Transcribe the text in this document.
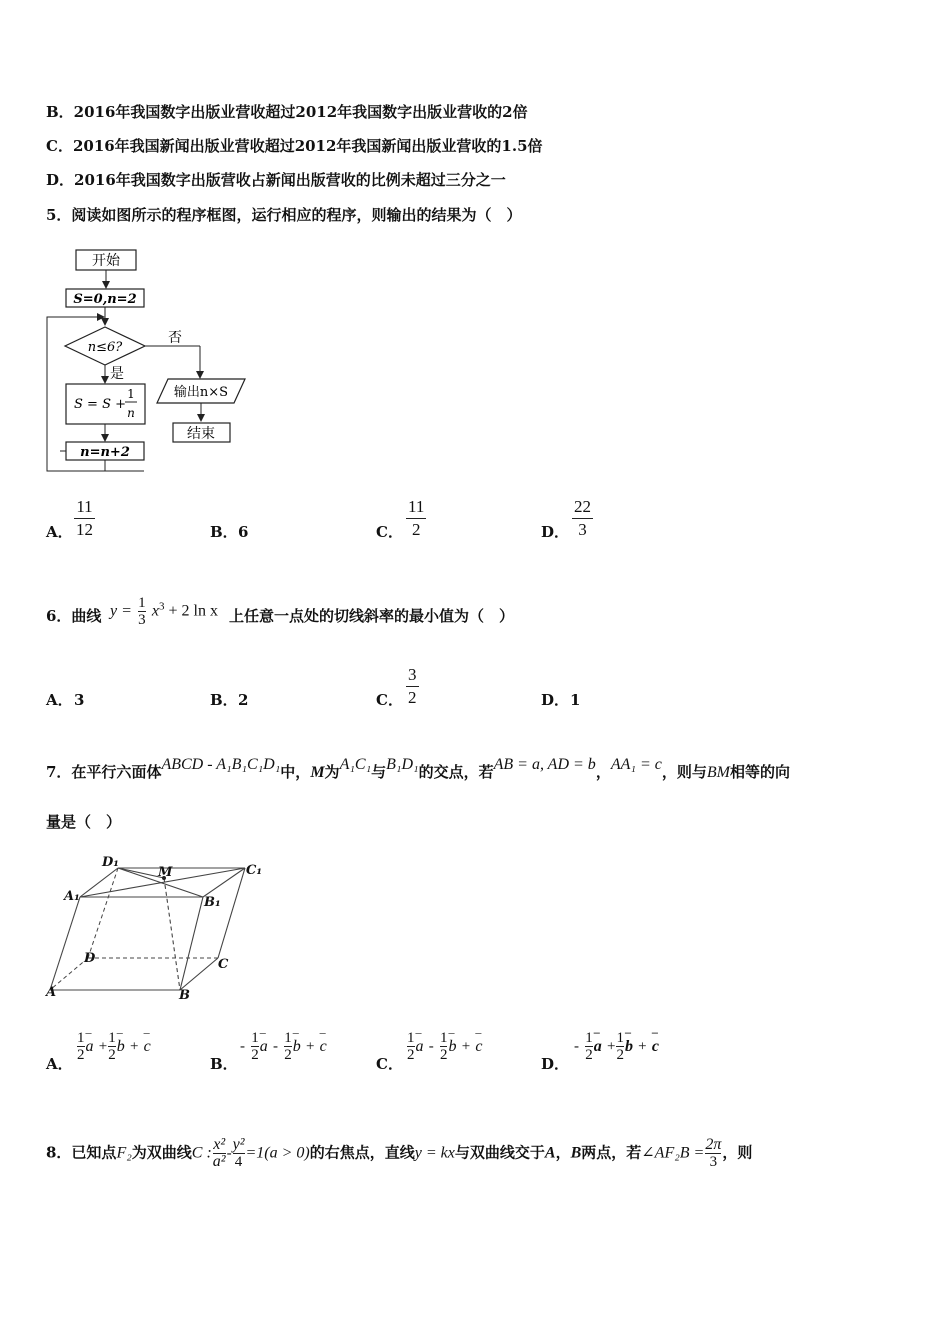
B．2016年我国数字出版业营收超过2012年我国数字出版业营收的2倍
C．2016年我国新闻出版业营收超过2012年我国新闻出版业营收的1.5倍
D．2016年我国数字出版营收占新闻出版营收的比例未超过三分之一
5．阅读如图所示的程序框图，运行相应的程序，则输出的结果为（　）
开始
S=0,n=2
n≤6?
否
是
S = S +
1
n
n=n+2
输出n×S
结束
A．
11
12	B． 6	C．
11
2	D．
22
3
6．曲线 $y = \frac{1}{3} x^3 + 2$ ln x 上任意一点处的切线斜率的最小值为（　）
A． 3	B． 2	C．
3
2	D． 1
7．在平行六面体ABCD - A₁B₁C₁D₁中，M为A₁C₁与B₁D₁的交点，若AB = a, AD = b，AA₁ = c，则与BM相等的向
量是（　）
D₁
C₁
A₁	B₁
M
D	C
A	B
A．
$\frac{1}{2}$
– $a + \frac{1}{2}$
– b + – c
B．
- $\frac{1}{2}$
– a - $\frac{1}{2}$
– b + – c
C．
$\frac{1}{2}$
– a - $\frac{1}{2}$
– b + – c
D．
- $\frac{1}{2}$
– $a + \frac{1}{2}$
– b + – c
8．已知点F₂为双曲线C : $\frac{\text{x²}}{\text{a²}} - \frac{\text{y²}}{4} =1(a > 0)$的右焦点，直线y = kx与双曲线交于A，B两点，若∠AF₂B = $\frac{2\pi}{3}$ ，则
